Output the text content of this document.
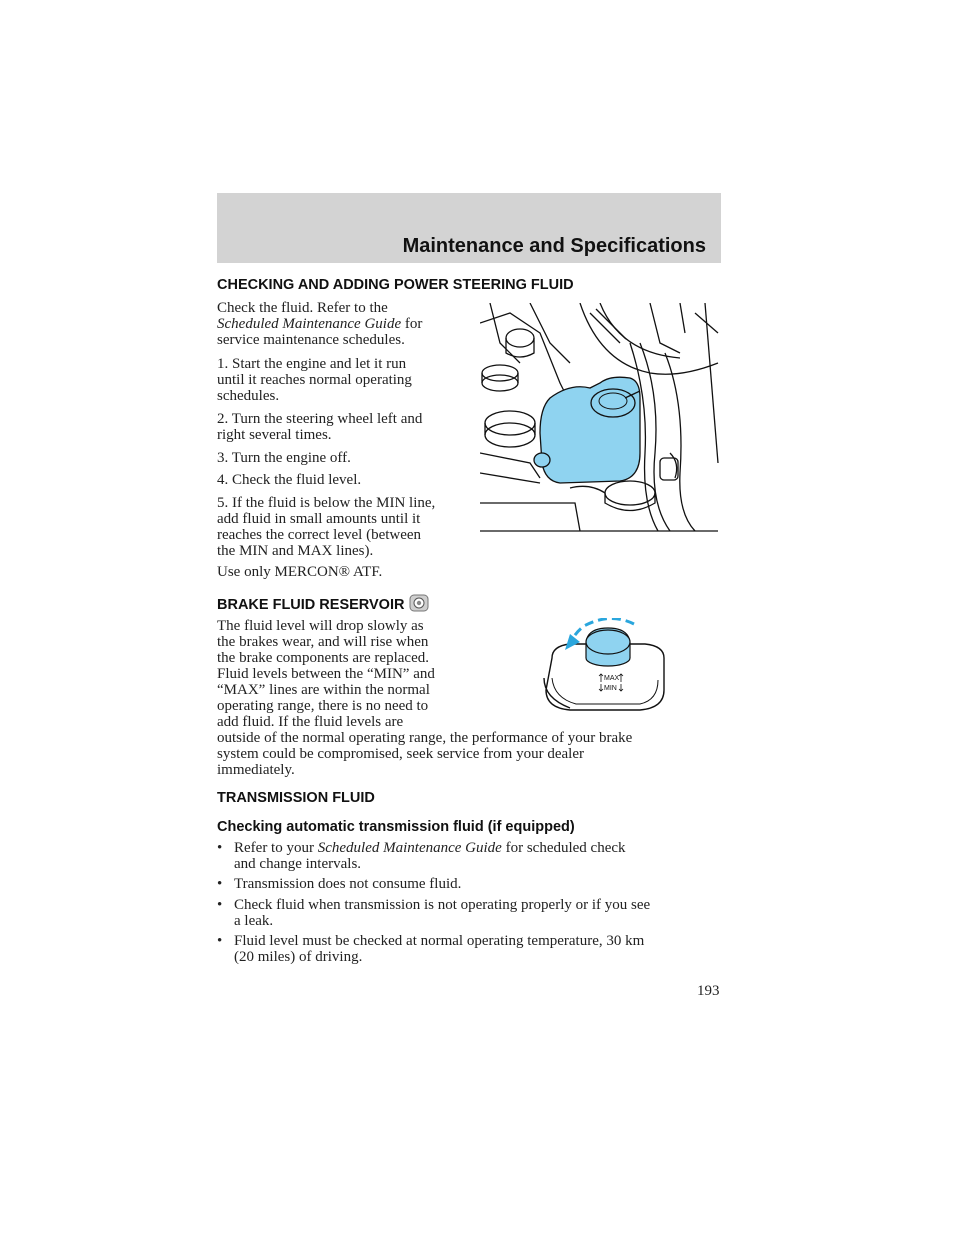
Maintenance and Specifications
CHECKING AND ADDING POWER STEERING FLUID
Check the fluid. Refer to the
Scheduled Maintenance Guide for
service maintenance schedules.
1. Start the engine and let it run
until it reaches normal operating
schedules.
2. Turn the steering wheel left and
right several times.
3. Turn the engine off.
4. Check the fluid level.
5. If the fluid is below the MIN line,
add fluid in small amounts until it
reaches the correct level (between
the MIN and MAX lines).
Use only MERCON® ATF.
BRAKE FLUID RESERVOIR
The fluid level will drop slowly as
the brakes wear, and will rise when
the brake components are replaced.
Fluid levels between the “MIN” and
“MAX” lines are within the normal
operating range, there is no need to
add fluid. If the fluid levels are
outside of the normal operating range, the performance of your brake
system could be compromised, seek service from your dealer
immediately.
MAX
MIN
TRANSMISSION FLUID
Checking automatic transmission fluid (if equipped)
• Refer to your Scheduled Maintenance Guide for scheduled check
and change intervals.
• Transmission does not consume fluid.
• Check fluid when transmission is not operating properly or if you see
a leak.
• Fluid level must be checked at normal operating temperature, 30 km
(20 miles) of driving.
193
